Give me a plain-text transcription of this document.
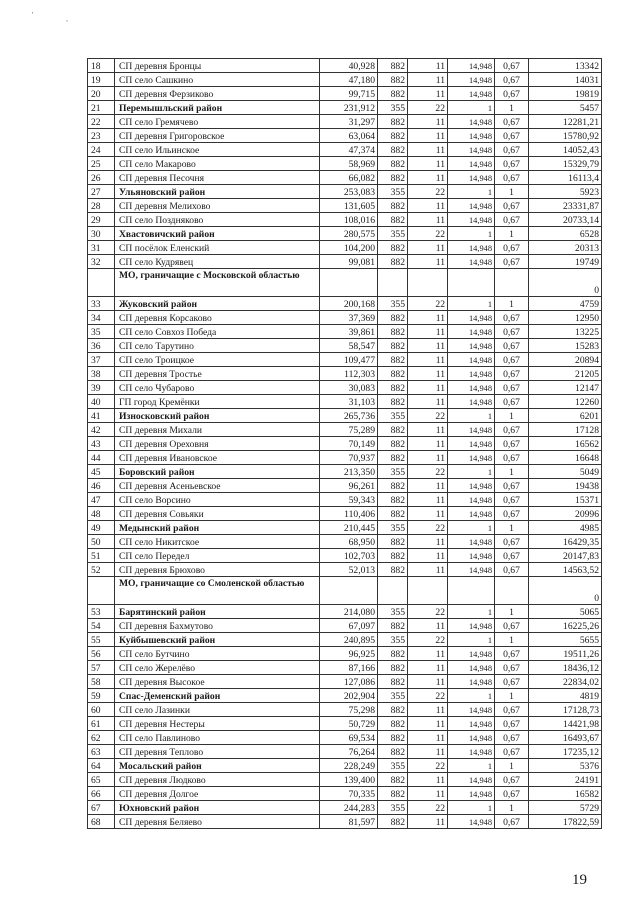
'
,
18	СП деревня Бронцы	40,928	882	11	14,948	0,67	13342
19	СП село Сашкино	47,180	882	11	14,948	0,67	14031
20	СП деревня Ферзиково	99,715	882	11	14,948	0,67	19819
21	Перемышльский район	231,912	355	22	1	1	5457
22	СП село Гремячево	31,297	882	11	14,948	0,67	12281,21
23	СП деревня Григоровское	63,064	882	11	14,948	0,67	15780,92
24	СП село Ильинское	47,374	882	11	14,948	0,67	14052,43
25	СП село Макарово	58,969	882	11	14,948	0,67	15329,79
26	СП деревня Песочня	66,082	882	11	14,948	0,67	16113,4
27	Ульяновский район	253,083	355	22	1	1	5923
28	СП деревня Мелихово	131,605	882	11	14,948	0,67	23331,87
29	СП село Поздняково	108,016	882	11	14,948	0,67	20733,14
30	Хвастовичский район	280,575	355	22	1	1	6528
31	СП посёлок Еленский	104,200	882	11	14,948	0,67	20313
32	СП село Кудрявец	99,081	882	11	14,948	0,67	19749
	МО, граничащие с Московской областью						0
33	Жуковский район	200,168	355	22	1	1	4759
34	СП деревня Корсаково	37,369	882	11	14,948	0,67	12950
35	СП село Совхоз Победа	39,861	882	11	14,948	0,67	13225
36	СП село Тарутино	58,547	882	11	14,948	0,67	15283
37	СП село Троицкое	109,477	882	11	14,948	0,67	20894
38	СП деревня Тростье	112,303	882	11	14,948	0,67	21205
39	СП село Чубарово	30,083	882	11	14,948	0,67	12147
40	ГП город Кремёнки	31,103	882	11	14,948	0,67	12260
41	Износковский район	265,736	355	22	1	1	6201
42	СП деревня Михали	75,289	882	11	14,948	0,67	17128
43	СП деревня Ореховня	70,149	882	11	14,948	0,67	16562
44	СП деревня Ивановское	70,937	882	11	14,948	0,67	16648
45	Боровский район	213,350	355	22	1	1	5049
46	СП деревня Асеньевское	96,261	882	11	14,948	0,67	19438
47	СП село Ворсино	59,343	882	11	14,948	0,67	15371
48	СП деревня Совьяки	110,406	882	11	14,948	0,67	20996
49	Медынский район	210,445	355	22	1	1	4985
50	СП село Никитское	68,950	882	11	14,948	0,67	16429,35
51	СП село Передел	102,703	882	11	14,948	0,67	20147,83
52	СП деревня Брюхово	52,013	882	11	14,948	0,67	14563,52
	МО, граничащие со Смоленской областью						0
53	Барятинский район	214,080	355	22	1	1	5065
54	СП деревня Бахмутово	67,097	882	11	14,948	0,67	16225,26
55	Куйбышевский район	240,895	355	22	1	1	5655
56	СП село Бутчино	96,925	882	11	14,948	0,67	19511,26
57	СП село Жерелёво	87,166	882	11	14,948	0,67	18436,12
58	СП деревня Высокое	127,086	882	11	14,948	0,67	22834,02
59	Спас-Деменский район	202,904	355	22	1	1	4819
60	СП село Лазинки	75,298	882	11	14,948	0,67	17128,73
61	СП деревня Нестеры	50,729	882	11	14,948	0,67	14421,98
62	СП село Павлиново	69,534	882	11	14,948	0,67	16493,67
63	СП деревня Теплово	76,264	882	11	14,948	0,67	17235,12
64	Мосальский район	228,249	355	22	1	1	5376
65	СП деревня Людково	139,400	882	11	14,948	0,67	24191
66	СП деревня Долгое	70,335	882	11	14,948	0,67	16582
67	Юхновский район	244,283	355	22	1	1	5729
68	СП деревня Беляево	81,597	882	11	14,948	0,67	17822,59
19
